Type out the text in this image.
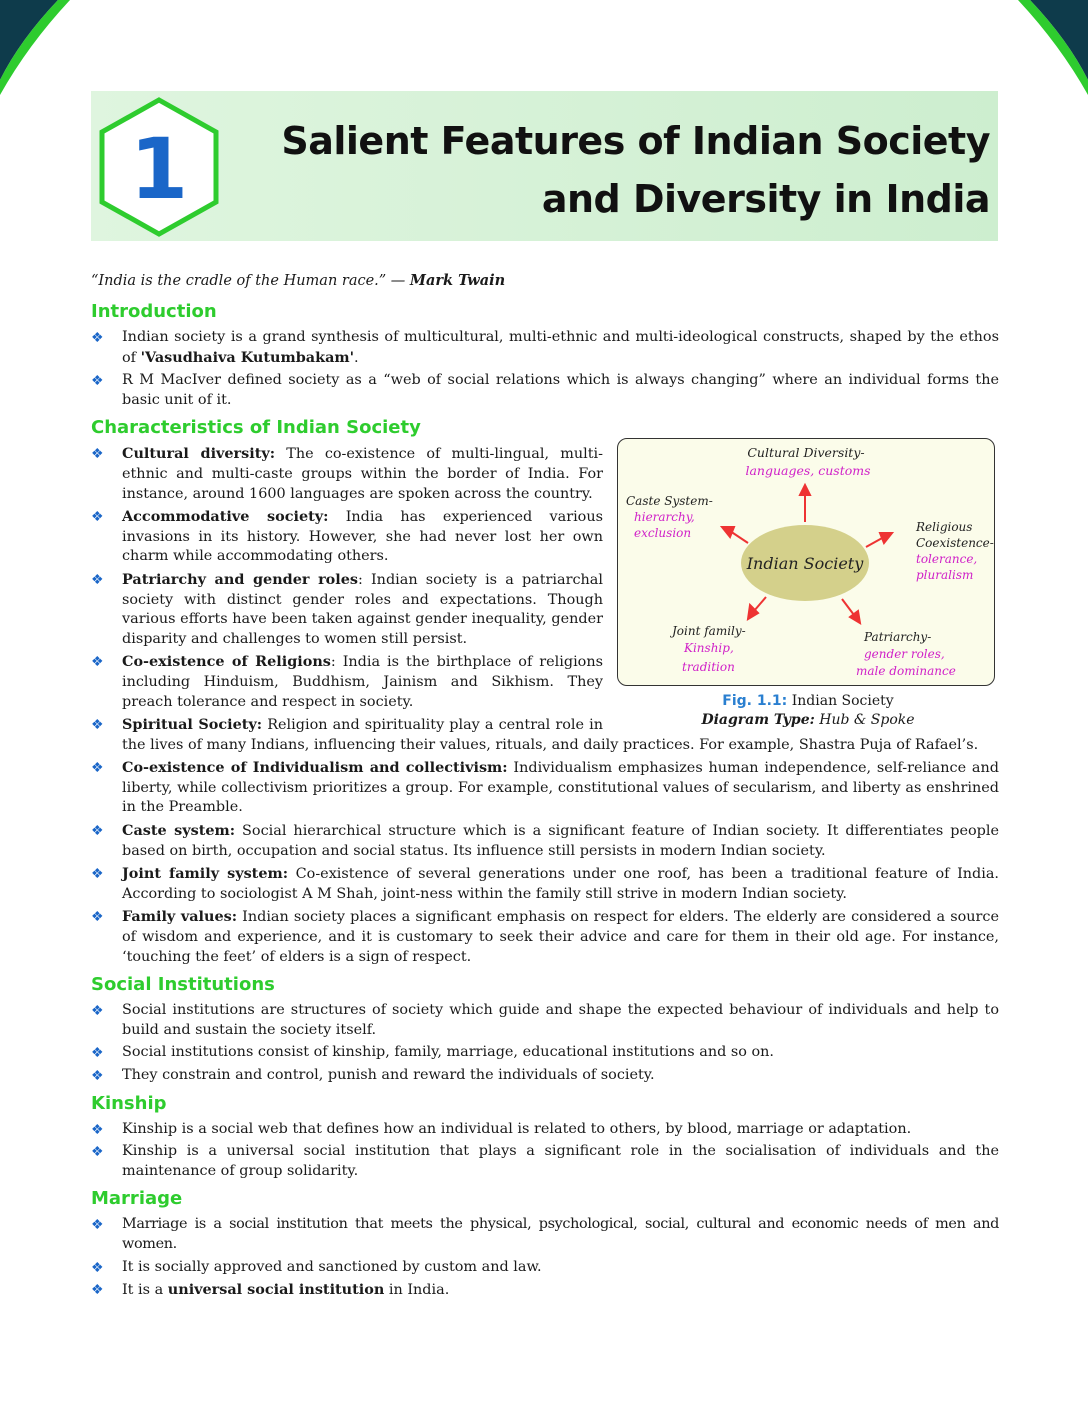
1	Salient Features of Indian Society
and Diversity in India
“India is the cradle of the Human race.” — Mark Twain
Introduction
❖ Indian society is a grand synthesis of multicultural, multi-ethnic and multi-ideological constructs, shaped by the ethos of 'Vasudhaiva Kutumbakam'.
❖ R M MacIver defined society as a “web of social relations which is always changing” where an individual forms the basic unit of it.
Characteristics of Indian Society
Indian Society
Cultural Diversity-
languages, customs
Caste System-
hierarchy,
exclusion	Religious
Coexistence-
tolerance,
pluralism
Joint family-
Kinship,
tradition
Patriarchy-
gender roles,
male dominance
Fig. 1.1: Indian Society
Diagram Type: Hub & Spoke
❖ Cultural diversity: The co-existence of multi-lingual, multi-ethnic and multi-caste groups within the border of India. For instance, around 1600 languages are spoken across the country.
❖ Accommodative society: India has experienced various invasions in its history. However, she had never lost her own charm while accommodating others.
❖ Patriarchy and gender roles: Indian society is a patriarchal society with distinct gender roles and expectations. Though various efforts have been taken against gender inequality, gender disparity and challenges to women still persist.
❖ Co-existence of Religions: India is the birthplace of religions including Hinduism, Buddhism, Jainism and Sikhism. They preach tolerance and respect in society.
❖ Spiritual Society: Religion and spirituality play a central role in the lives of many Indians, influencing their values, rituals, and daily practices. For example, Shastra Puja of Rafael’s.
❖ Co-existence of Individualism and collectivism: Individualism emphasizes human independence, self-reliance and liberty, while collectivism prioritizes a group. For example, constitutional values of secularism, and liberty as enshrined in the Preamble.
❖ Caste system: Social hierarchical structure which is a significant feature of Indian society. It differentiates people based on birth, occupation and social status. Its influence still persists in modern Indian society.
❖ Joint family system: Co-existence of several generations under one roof, has been a traditional feature of India. According to sociologist A M Shah, joint-ness within the family still strive in modern Indian society.
❖ Family values: Indian society places a significant emphasis on respect for elders. The elderly are considered a source of wisdom and experience, and it is customary to seek their advice and care for them in their old age. For instance, ‘touching the feet’ of elders is a sign of respect.
Social Institutions
❖ Social institutions are structures of society which guide and shape the expected behaviour of individuals and help to build and sustain the society itself.
❖ Social institutions consist of kinship, family, marriage, educational institutions and so on.
❖ They constrain and control, punish and reward the individuals of society.
Kinship
❖ Kinship is a social web that defines how an individual is related to others, by blood, marriage or adaptation.
❖ Kinship is a universal social institution that plays a significant role in the socialisation of individuals and the maintenance of group solidarity.
Marriage
❖ Marriage is a social institution that meets the physical, psychological, social, cultural and economic needs of men and women.
❖ It is socially approved and sanctioned by custom and law.
❖ It is a universal social institution in India.
